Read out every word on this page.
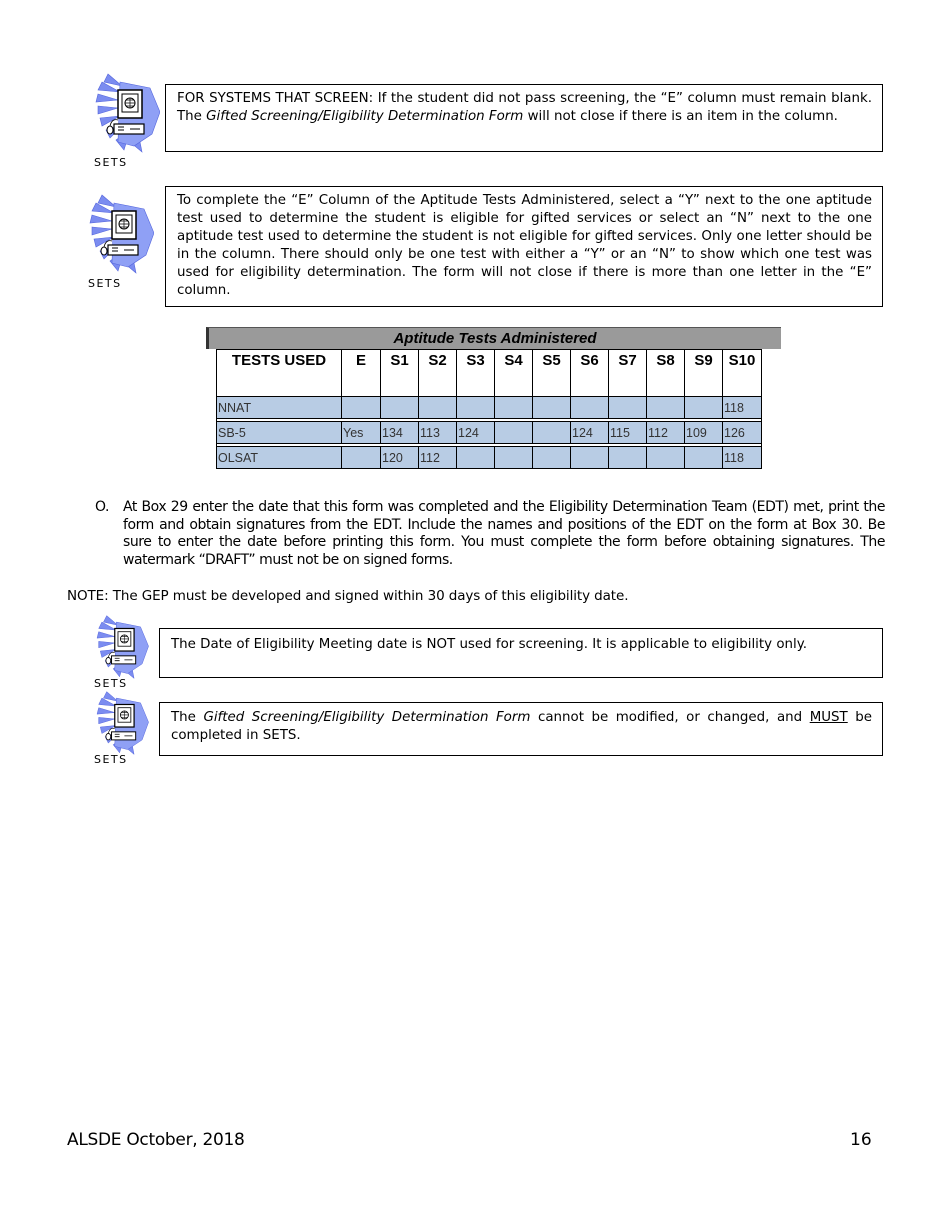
SETS
FOR SYSTEMS THAT SCREEN: If the student did not pass screening, the “E” column must remain blank. The Gifted Screening/Eligibility Determination Form will not close if there is an item in the column.
SETS
To complete the “E” Column of the Aptitude Tests Administered, select a “Y” next to the one aptitude test used to determine the student is eligible for gifted services or select an “N” next to the one aptitude test used to determine the student is not eligible for gifted services. Only one letter should be in the column. There should only be one test with either a “Y” or an “N” to show which one test was used for eligibility determination. The form will not close if there is more than one letter in the “E” column.
Aptitude Tests Administered
TESTS USED	E	S1	S2	S3	S4	S5	S6	S7	S8	S9	S10
NNAT											118

SB-5	Yes	134	113	124			124	115	112	109	126

OLSAT		120	112								118
O. At Box 29 enter the date that this form was completed and the Eligibility Determination Team (EDT) met, print the form and obtain signatures from the EDT. Include the names and positions of the EDT on the form at Box 30. Be sure to enter the date before printing this form. You must complete the form before obtaining signatures. The watermark “DRAFT” must not be on signed forms.
NOTE: The GEP must be developed and signed within 30 days of this eligibility date.
SETS
The Date of Eligibility Meeting date is NOT used for screening. It is applicable to eligibility only.
SETS
The Gifted Screening/Eligibility Determination Form cannot be modified, or changed, and MUST be completed in SETS.
ALSDE October, 2018	16
